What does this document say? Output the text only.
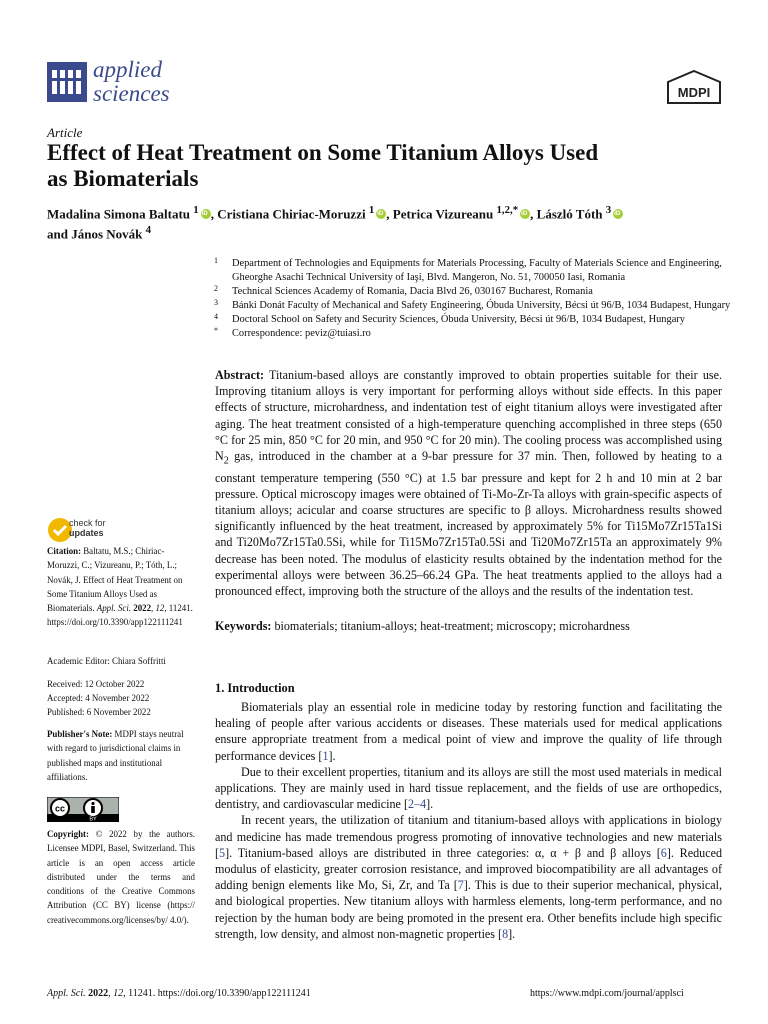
applied
sciences	MDPI
Article
Effect of Heat Treatment on Some Titanium Alloys Used
as Biomaterials
Madalina Simona Baltatu $^1$ iD , Cristiana Chiriac-Moruzzi $^1$ iD , Petrica Vizureanu $^{1,2,*}$ iD , László Tóth $^3$iD
and János Novák $^4$
1 Department of Technologies and Equipments for Materials Processing, Faculty of Materials Science and Engineering, Gheorghe Asachi Technical University of Iaşi, Blvd. Mangeron, No. 51, 700050 Iasi, Romania
2 Technical Sciences Academy of Romania, Dacia Blvd 26, 030167 Bucharest, Romania
3 Bánki Donát Faculty of Mechanical and Safety Engineering, Óbuda University, Bécsi út 96/B, 1034 Budapest, Hungary
4 Doctoral School on Safety and Security Sciences, Óbuda University, Bécsi út 96/B, 1034 Budapest, Hungary
* Correspondence: peviz@tuiasi.ro
Abstract: Titanium-based alloys are constantly improved to obtain properties suitable for their use. Improving titanium alloys is very important for performing alloys without side effects. In this paper effects of structure, microhardness, and indentation test of eight titanium alloys were investigated after aging. The heat treatment consisted of a high-temperature quenching accomplished in three steps (650 °C for 25 min, 850 °C for 20 min, and 950 °C for 20 min). The cooling process was accomplished using $N_2$ gas, introduced in the chamber at a 9-bar pressure for 37 min. Then, followed by heating to a constant temperature tempering (550 °C) at 1.5 bar pressure and kept for 2 h and 10 min at 2 bar pressure. Optical microscopy images were obtained of Ti-Mo-Zr-Ta alloys with grain-specific aspects of titanium alloys; acicular and coarse structures are specific to β alloys. Microhardness results showed significantly influenced by the heat treatment, increased by approximately 5% for Ti15Mo7Zr15Ta1Si and Ti20Mo7Zr15Ta0.5Si, while for Ti15Mo7Zr15Ta0.5Si and Ti20Mo7Zr15Ta an approximately 9% decrease has been noted. The modulus of elasticity results obtained by the indentation method for the experimental alloys were between 36.25–66.24 GPa. The heat treatments applied to the alloys had a pronounced effect, improving both the structure of the alloys and the results of the indentation test.
Keywords: biomaterials; titanium-alloys; heat-treatment; microscopy; microhardness
1. Introduction

Biomaterials play an essential role in medicine today by restoring function and facilitating the healing of people after various accidents or diseases. These materials used for medical applications ensure appropriate treatment from a medical point of view and improve the quality of life through performance devices [1].

Due to their excellent properties, titanium and its alloys are still the most used materials in medical applications. They are mainly used in hard tissue replacement, and the fields of use are orthopedics, dentistry, and cardiovascular medicine [2–4].

In recent years, the utilization of titanium and titanium-based alloys with applications in biology and medicine has made tremendous progress promoting of innovative technologies and new materials [5]. Titanium-based alloys are distributed in three categories: α, α + β and β alloys [6]. Reduced modulus of elasticity, greater corrosion resistance, and improved biocompatibility are all advantages of adding benign elements like Mo, Si, Zr, and Ta [7]. This is due to their superior mechanical, physical, and biological properties. New titanium alloys with harmless elements, long-term performance, and no rejection by the human body are being promoted in the present era. Other benefits include high specific strength, low density, and almost non-magnetic properties [8].

check for
updates
Citation: Baltatu, M.S.; Chiriac-Moruzzi, C.; Vizureanu, P.; Tóth, L.; Novák, J. Effect of Heat Treatment on Some Titanium Alloys Used as Biomaterials. Appl. Sci. 2022, 12, 11241. https://doi.org/10.3390/app122111241
Academic Editor: Chiara Soffritti
Received: 12 October 2022
Accepted: 4 November 2022
Published: 6 November 2022
Publisher's Note: MDPI stays neutral with regard to jurisdictional claims in published maps and institutional affiliations.
cc
BY
Copyright: © 2022 by the authors. Licensee MDPI, Basel, Switzerland. This article is an open access article distributed under the terms and conditions of the Creative Commons Attribution (CC BY) license (https:// creativecommons.org/licenses/by/ 4.0/).
Appl. Sci. 2022, 12, 11241. https://doi.org/10.3390/app122111241	https://www.mdpi.com/journal/applsci
